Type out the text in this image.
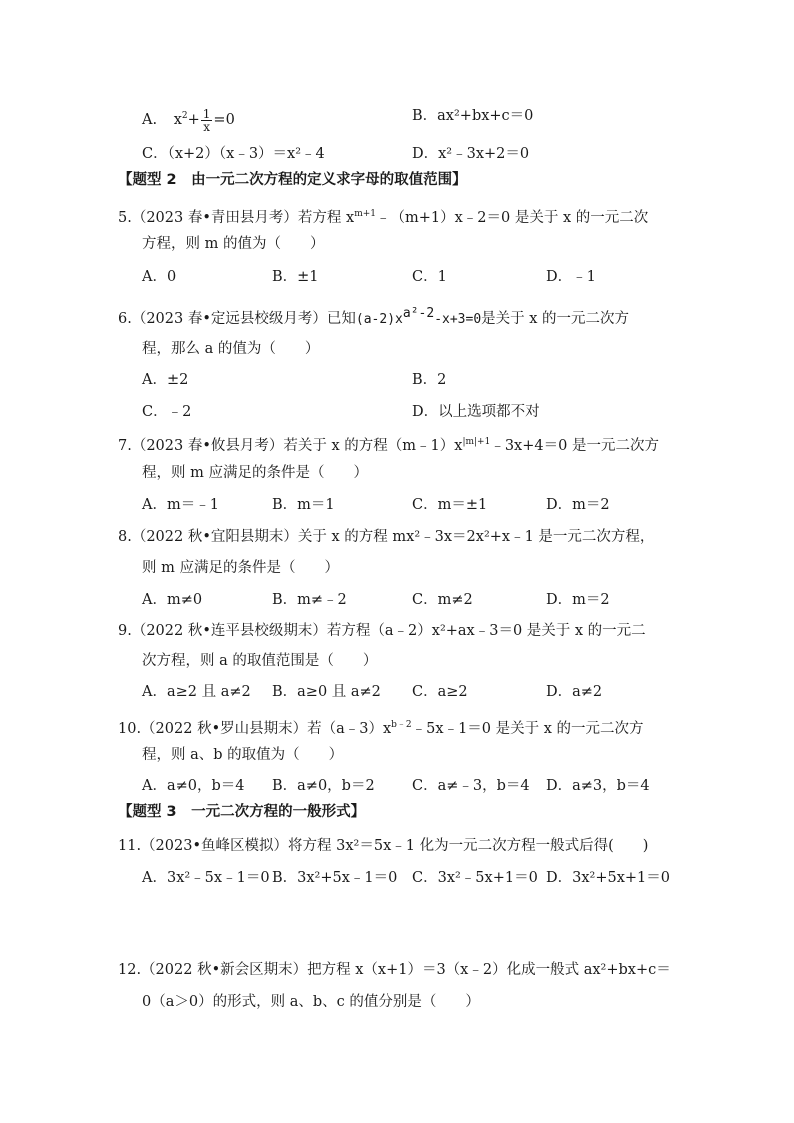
A. $x^2+ \frac{1}{x} =0$	B．ax²+bx+c＝0
C．（x+2）（x﹣3）＝x²﹣4	D．x²﹣3x+2＝0
【题型 2　由一元二次方程的定义求字母的取值范围】
5.（2023 春•青田县月考）若方程 $x^{m+1}﹣(m+1)x﹣2=0$ 是关于 x 的一元二次
方程，则 m 的值为（　　）
A．0	B．±1	C．1	D．﹣1
6.（2023 春•定远县校级月考）已知(a-2)xa²-2-x+3=0是关于 x 的一元二次方
程，那么 a 的值为（　　）
A．±2	B．2
C．﹣2	D．以上选项都不对
7.（2023 春•攸县月考）若关于 x 的方程$(m﹣1)x^{|m|+1}﹣3x+4=0$ 是一元二次方
程，则 m 应满足的条件是（　　）
A．m＝﹣1	B．m＝1	C．m＝±1	D．m＝2
8.（2022 秋•宜阳县期末）关于 x 的方程 mx²﹣3x＝2x²+x﹣1 是一元二次方程，
则 m 应满足的条件是（　　）
A．m≠0	B．m≠﹣2	C．m≠2	D．m＝2
9.（2022 秋•连平县校级期末）若方程（a﹣2）x²+ax﹣3＝0 是关于 x 的一元二
次方程，则 a 的取值范围是（　　）
A．a≥2 且 a≠2 B．a≥0 且 a≠2 C．a≥2	D．a≠2
10.（2022 秋•罗山县期末）若$(a﹣3)x^{b﹣2}﹣5x﹣1=0$ 是关于 x 的一元二次方
程，则 a、b 的取值为（　　）
A．a≠0，b＝4 B．a≠0，b＝2	C．a≠﹣3，b＝4 D．a≠3，b＝4
【题型 3　一元二次方程的一般形式】
11.（2023•鱼峰区模拟）将方程 3x²＝5x﹣1 化为一元二次方程一般式后得(　　)
A．3x²﹣5x﹣1＝0 B．3x²+5x﹣1＝0 C．3x²﹣5x+1＝0 D．3x²+5x+1＝0
12.（2022 秋•新会区期末）把方程 x（x+1）＝3（x﹣2）化成一般式 ax²+bx+c＝
0（a＞0）的形式，则 a、b、c 的值分别是（　　）
